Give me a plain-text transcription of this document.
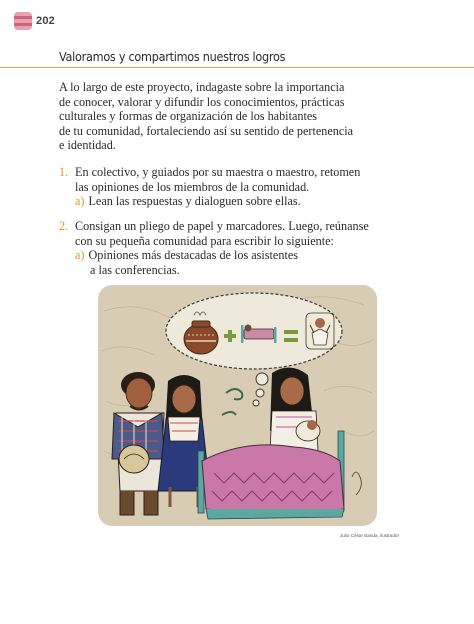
202
Valoramos y compartimos nuestros logros
A lo largo de este proyecto, indagaste sobre la importancia
de conocer, valorar y difundir los conocimientos, prácticas
culturales y formas de organización de los habitantes
de tu comunidad, fortaleciendo así su sentido de pertenencia
e identidad.
1. En colectivo, y guiados por su maestra o maestro, retomen
las opiniones de los miembros de la comunidad.
a) Lean las respuestas y dialoguen sobre ellas.
2. Consigan un pliego de papel y marcadores. Luego, reúnanse
con su pequeña comunidad para escribir lo siguiente:
a) Opiniones más destacadas de los asistentes
a las conferencias.
Julio César Banda, ilustrador
